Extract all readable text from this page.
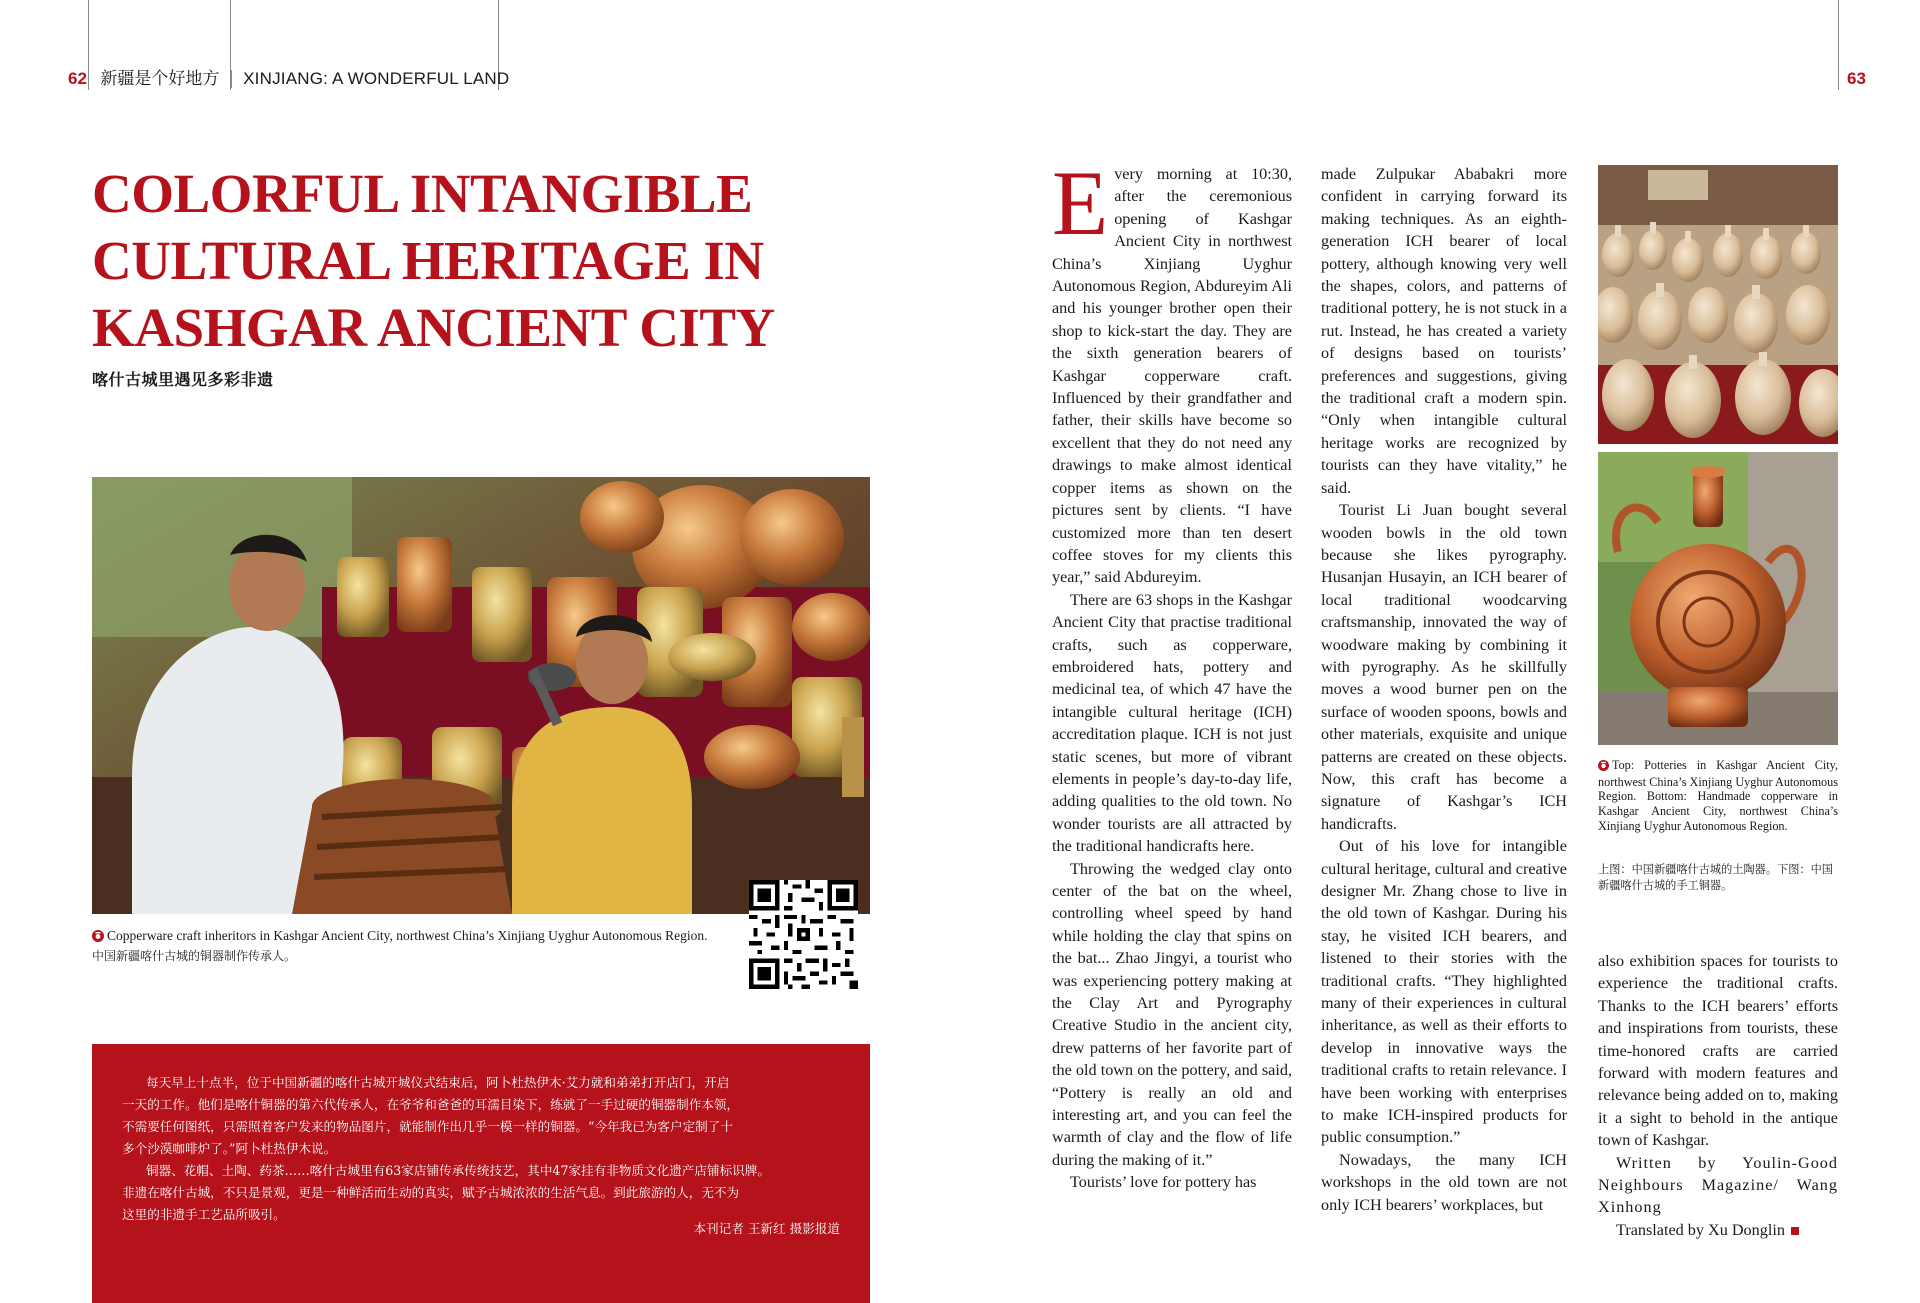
62 新疆是个好地方 XINJIANG: A WONDERFUL LAND	63
COLORFUL INTANGIBLE
CULTURAL HERITAGE IN
KASHGAR ANCIENT CITY
喀什古城里遇见多彩非遗
Copperware craft inheritors in Kashgar Ancient City, northwest China’s Xinjiang Uyghur Autonomous Region.
中国新疆喀什古城的铜器制作传承人。

每天早上十点半，位于中国新疆的喀什古城开城仪式结束后，阿卜杜热伊木·艾力就和弟弟打开店门，开启

一天的工作。他们是喀什铜器的第六代传承人，在爷爷和爸爸的耳濡目染下，练就了一手过硬的铜器制作本领，

不需要任何图纸，只需照着客户发来的物品图片，就能制作出几乎一模一样的铜器。“今年我已为客户定制了十

多个沙漠咖啡炉了。”阿卜杜热伊木说。

铜器、花帽、土陶、药茶……喀什古城里有63家店铺传承传统技艺，其中47家挂有非物质文化遗产店铺标识牌。

非遗在喀什古城，不只是景观，更是一种鲜活而生动的真实，赋予古城浓浓的生活气息。到此旅游的人，无不为

这里的非遗手工艺品所吸引。

本刊记者 王新红 摄影报道

Every morning at 10:30, after the ceremonious opening of Kashgar Ancient City in northwest China’s Xinjiang Uyghur Autonomous Region, Abdureyim Ali and his younger brother open their shop to kick-start the day. They are the sixth generation bearers of Kashgar copperware craft. Influenced by their grandfather and father, their skills have become so excellent that they do not need any drawings to make almost identical copper items as shown on the pictures sent by clients. “I have customized more than ten desert coffee stoves for my clients this year,” said Abdureyim.

There are 63 shops in the Kashgar Ancient City that practise traditional crafts, such as copperware, embroidered hats, pottery and medicinal tea, of which 47 have the intangible cultural heritage (ICH) accreditation plaque. ICH is not just static scenes, but more of vibrant elements in people’s day-to-day life, adding qualities to the old town. No wonder tourists are all attracted by the traditional handicrafts here.

Throwing the wedged clay onto center of the bat on the wheel, controlling wheel speed by hand while holding the clay that spins on the bat... Zhao Jingyi, a tourist who was experiencing pottery making at the Clay Art and Pyrography Creative Studio in the ancient city, drew patterns of her favorite part of the old town on the pottery, and said, “Pottery is really an old and interesting art, and you can feel the warmth of clay and the flow of life during the making of it.”

Tourists’ love for pottery has

made Zulpukar Ababakri more confident in carrying forward its making techniques. As an eighth-generation ICH bearer of local pottery, although knowing very well the shapes, colors, and patterns of traditional pottery, he is not stuck in a rut. Instead, he has created a variety of designs based on tourists’ preferences and suggestions, giving the traditional craft a modern spin. “Only when intangible cultural heritage works are recognized by tourists can they have vitality,” he said.

Tourist Li Juan bought several wooden bowls in the old town because she likes pyrography. Husanjan Husayin, an ICH bearer of local traditional woodcarving craftsmanship, innovated the way of woodware making by combining it with pyrography. As he skillfully moves a wood burner pen on the surface of wooden spoons, bowls and other materials, exquisite and unique patterns are created on these objects. Now, this craft has become a signature of Kashgar’s ICH handicrafts.

Out of his love for intangible cultural heritage, cultural and creative designer Mr. Zhang chose to live in the old town of Kashgar. During his stay, he visited ICH bearers, and listened to their stories with the traditional crafts. “They highlighted many of their experiences in cultural inheritance, as well as their efforts to develop in innovative ways the traditional crafts to retain relevance. I have been working with enterprises to make ICH-inspired products for public consumption.”

Nowadays, the many ICH workshops in the old town are not only ICH bearers’ workplaces, but

Top: Potteries in Kashgar Ancient City, northwest China’s Xinjiang Uyghur Autonomous Region. Bottom: Handmade copperware in Kashgar Ancient City, northwest China’s Xinjiang Uyghur Autonomous Region.
上图：中国新疆喀什古城的土陶器。下图：中国新疆喀什古城的手工铜器。

also exhibition spaces for tourists to experience the traditional crafts. Thanks to the ICH bearers’ efforts and inspirations from tourists, these time-honored crafts are carried forward with modern features and relevance being added on to, making it a sight to behold in the antique town of Kashgar.

Written by Youlin-Good Neighbours Magazine/ Wang Xinhong

Translated by Xu Donglin
